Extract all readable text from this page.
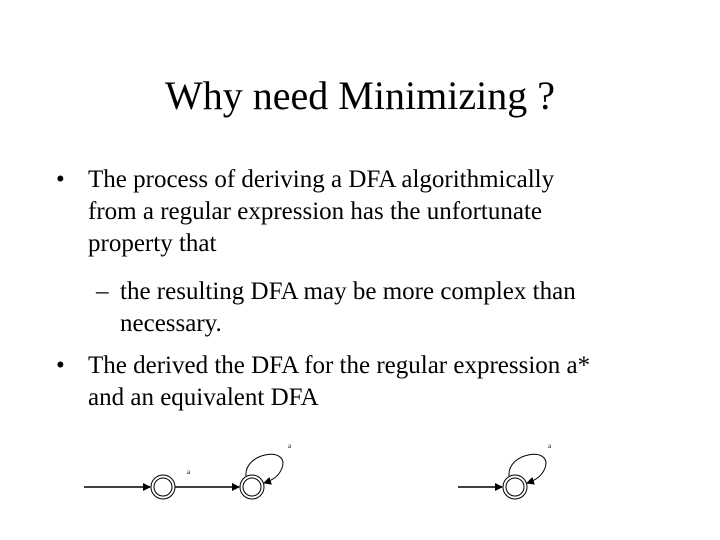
Why need Minimizing ?
• The process of deriving a DFA algorithmically
from a regular expression has the unfortunate
property that
– the resulting DFA may be more complex than
necessary.
• The derived the DFA for the regular expression a*
and an equivalent DFA
a
a	a
